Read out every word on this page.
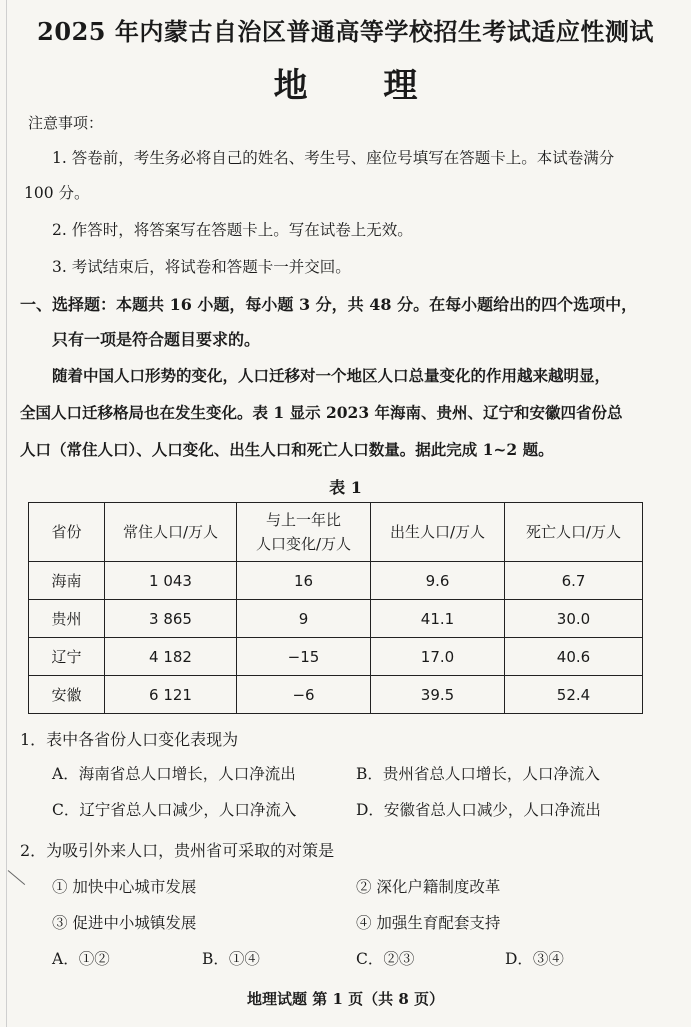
2025 年内蒙古自治区普通高等学校招生考试适应性测试
地 理
注意事项：
1. 答卷前，考生务必将自己的姓名、考生号、座位号填写在答题卡上。本试卷满分
100 分。
2. 作答时，将答案写在答题卡上。写在试卷上无效。
3. 考试结束后，将试卷和答题卡一并交回。
一、选择题：本题共 16 小题，每小题 3 分，共 48 分。在每小题给出的四个选项中，
只有一项是符合题目要求的。
随着中国人口形势的变化，人口迁移对一个地区人口总量变化的作用越来越明显，
全国人口迁移格局也在发生变化。表 1 显示 2023 年海南、贵州、辽宁和安徽四省份总
人口（常住人口）、人口变化、出生人口和死亡人口数量。据此完成 1~2 题。
表 1
省份	常住人口/万人	与上一年比
人口变化/万人	出生人口/万人	死亡人口/万人
海南	1 043	16	9.6	6.7
贵州	3 865	9	41.1	30.0
辽宁	4 182	−15	17.0	40.6
安徽	6 121	−6	39.5	52.4
1．表中各省份人口变化表现为
A．海南省总人口增长，人口净流出	B．贵州省总人口增长，人口净流入
C．辽宁省总人口减少，人口净流入	D．安徽省总人口减少，人口净流出
2．为吸引外来人口，贵州省可采取的对策是
① 加快中心城市发展	② 深化户籍制度改革
③ 促进中小城镇发展	④ 加强生育配套支持
A．①②	B．①④	C．②③	D．③④
地理试题 第 1 页（共 8 页）
